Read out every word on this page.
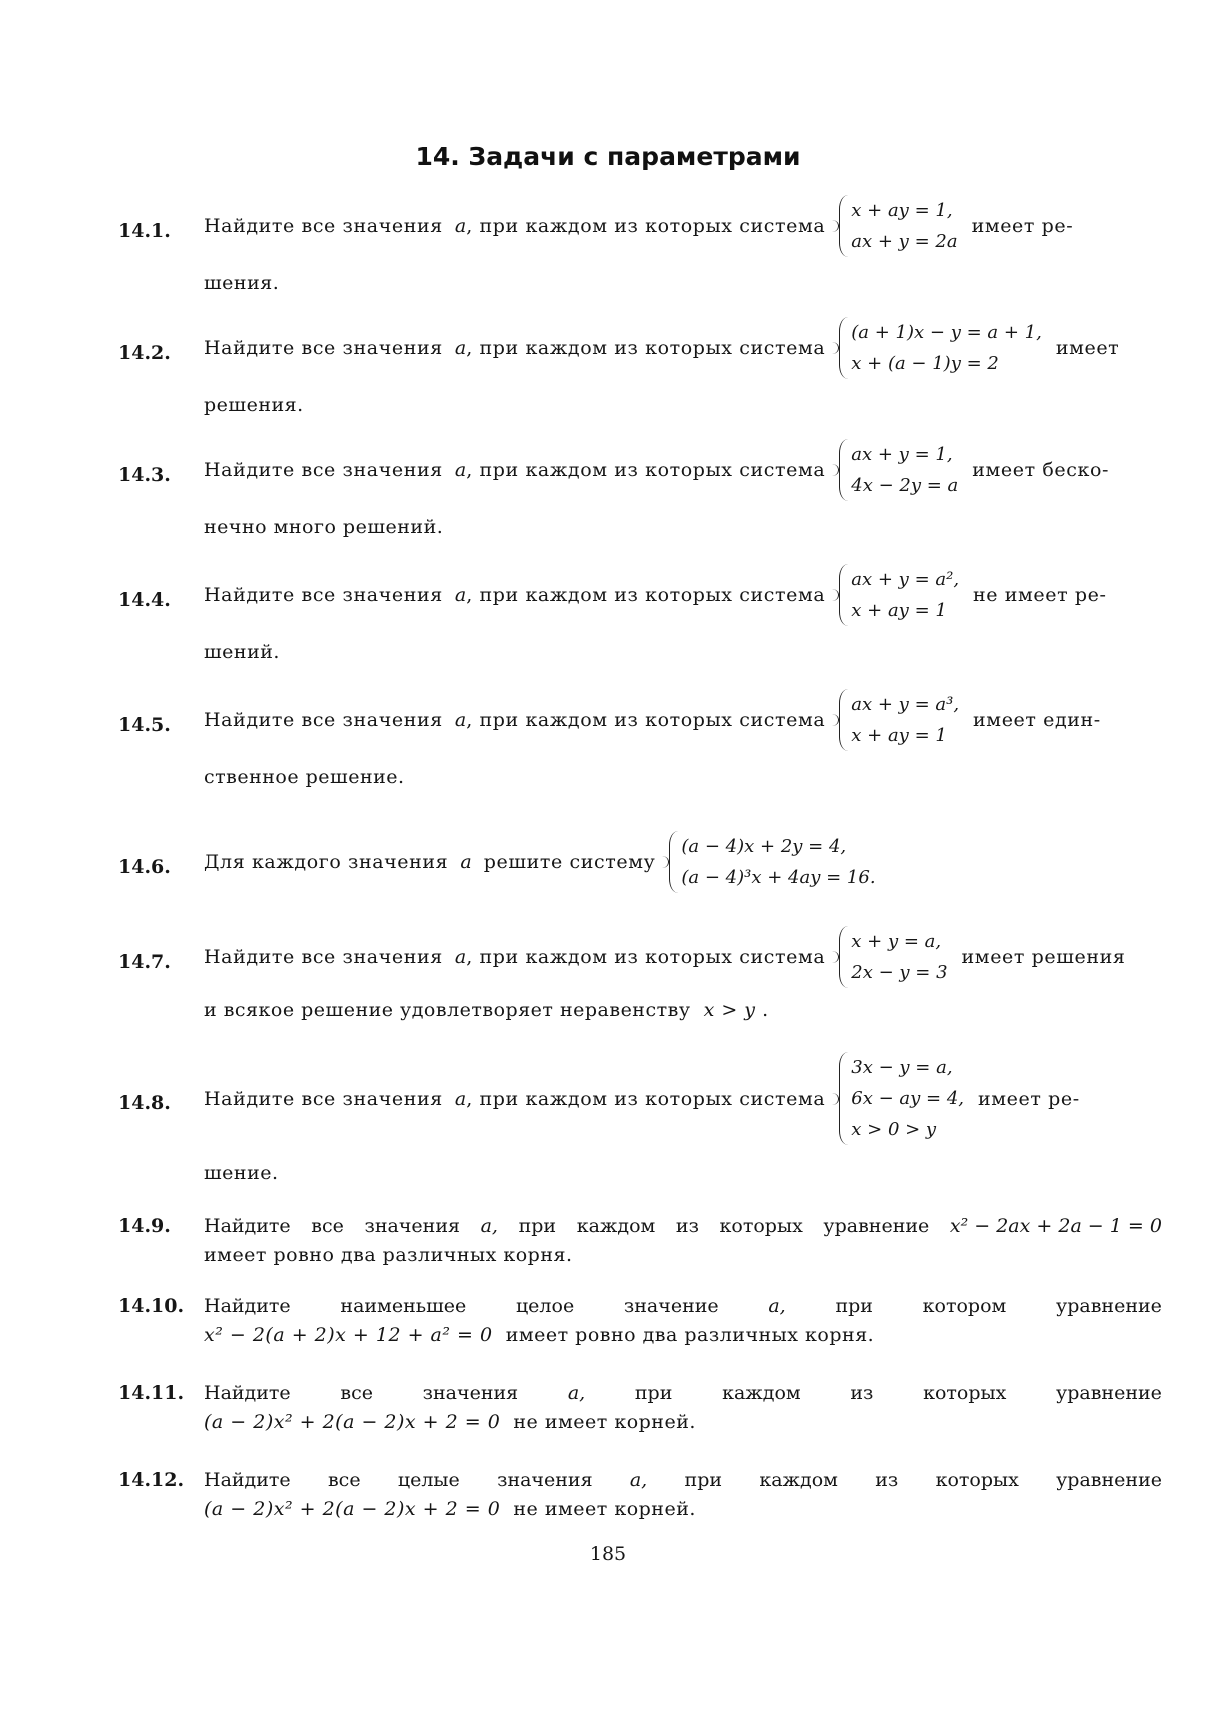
14. Задачи с параметрами
14.1. Найдите все значения
a , при каждом из которых система
x + ay = 1,
ax + y = 2a
имеет ре-
шения.
14.2. Найдите все значения
a , при каждом из которых система
(a + 1)x − y = a + 1,
x + (a − 1)y = 2
имеет
решения.
14.3. Найдите все значения
a , при каждом из которых система
ax + y = 1,
4x − 2y = a
имеет беско-
нечно много решений.
14.4. Найдите все значения
a , при каждом из которых система
ax + y = a²,
x + ay = 1
не имеет ре-
шений.
14.5. Найдите все значения
a , при каждом из которых система
ax + y = a³,
x + ay = 1
имеет един-
ственное решение.
14.6. Для каждого значения
a
решите систему
(a − 4)x + 2y = 4,
(a − 4)³x + 4ay = 16.
14.7. Найдите все значения
a , при каждом из которых система
x + y = a,
2x − y = 3
имеет решения
и всякое решение удовлетворяет неравенству x > y .
14.8. Найдите все значения
a , при каждом из которых система
3x − y = a,
6x − ay = 4,
x > 0 > y
имеет ре-
шение.
14.9. Найдите все значения a, при каждом из которых уравнение x² − 2ax + 2a − 1 = 0
имеет ровно два различных корня.
14.10. Найдите	наименьшее	целое	значение	a,	при	котором	уравнение
x² − 2(a + 2)x + 12 + a² = 0 имеет ровно два различных корня.
14.11. Найдите	все	значения	a,	при	каждом	из	которых	уравнение
(a − 2)x² + 2(a − 2)x + 2 = 0 не имеет корней.
14.12. Найдите все целые значения a, при каждом из которых уравнение
(a − 2)x² + 2(a − 2)x + 2 = 0 не имеет корней.
185
